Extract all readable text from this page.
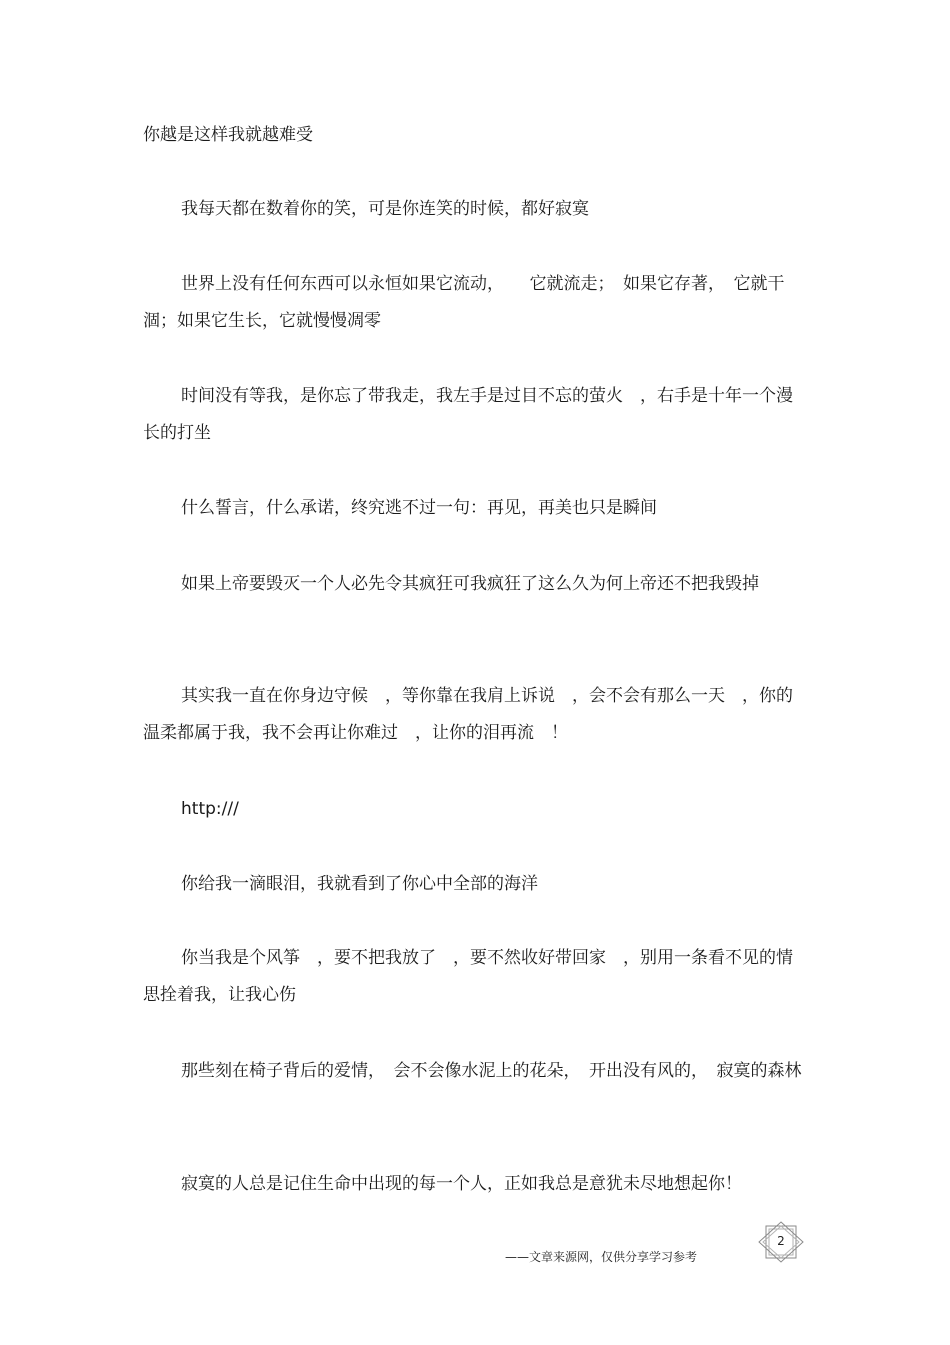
你越是这样我就越难受

我每天都在数着你的笑，可是你连笑的时候，都好寂寞

世界上没有任何东西可以永恒如果它流动，　　它就流走；　如果它存著，　它就干涸；如果它生长，它就慢慢凋零

时间没有等我，是你忘了带我走，我左手是过目不忘的萤火　，右手是十年一个漫长的打坐

什么誓言，什么承诺，终究逃不过一句：再见，再美也只是瞬间

如果上帝要毁灭一个人必先令其疯狂可我疯狂了这么久为何上帝还不把我毁掉

其实我一直在你身边守候　，等你靠在我肩上诉说　，会不会有那么一天　，你的温柔都属于我，我不会再让你难过　，让你的泪再流　！

http:///

你给我一滴眼泪，我就看到了你心中全部的海洋

你当我是个风筝　，要不把我放了　，要不然收好带回家　，别用一条看不见的情思拴着我，让我心伤

那些刻在椅子背后的爱情，　会不会像水泥上的花朵，　开出没有风的，　寂寞的森林

寂寞的人总是记住生命中出现的每一个人，正如我总是意犹未尽地想起你！

2
——文章来源网，仅供分享学习参考
